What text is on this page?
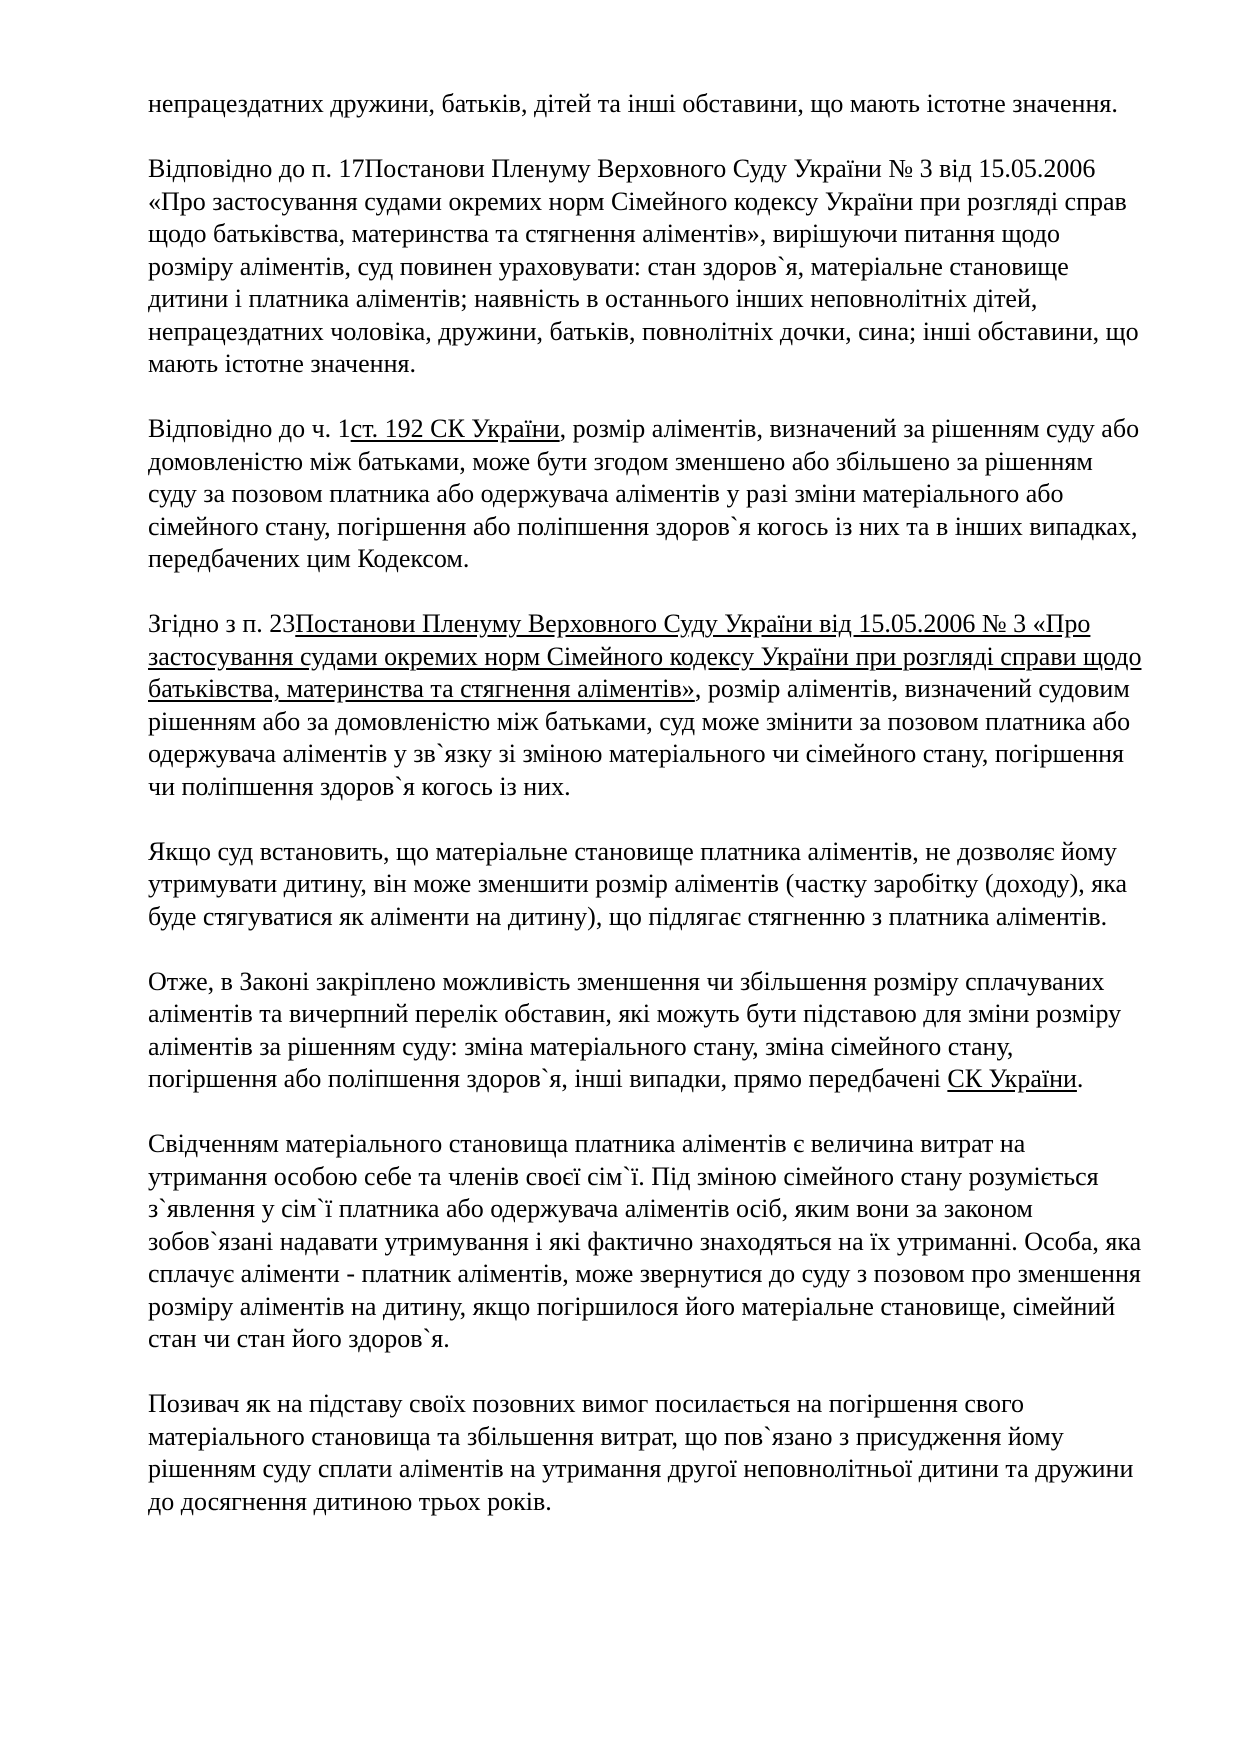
непрацездатних дружини, батьків, дітей та інші обставини, що мають істотне значення.

Відповідно до п. 17Постанови Пленуму Верховного Суду України № 3 від 15.05.2006 «Про застосування судами окремих норм Сімейного кодексу України при розгляді справ щодо батьківства, материнства та стягнення аліментів», вирішуючи питання щодо розміру аліментів, суд повинен ураховувати: стан здоров`я, матеріальне становище дитини і платника аліментів; наявність в останнього інших неповнолітніх дітей, непрацездатних чоловіка, дружини, батьків, повнолітніх дочки, сина; інші обставини, що мають істотне значення.

Відповідно до ч. 1ст. 192 СК України, розмір аліментів, визначений за рішенням суду або домовленістю між батьками, може бути згодом зменшено або збільшено за рішенням суду за позовом платника або одержувача аліментів у разі зміни матеріального або сімейного стану, погіршення або поліпшення здоров`я когось із них та в інших випадках, передбачених цим Кодексом.

Згідно з п. 23Постанови Пленуму Верховного Суду України від 15.05.2006 № 3 «Про застосування судами окремих норм Сімейного кодексу України при розгляді справи щодо батьківства, материнства та стягнення аліментів», розмір аліментів, визначений судовим рішенням або за домовленістю між батьками, суд може змінити за позовом платника або одержувача аліментів у зв`язку зі зміною матеріального чи сімейного стану, погіршення чи поліпшення здоров`я когось із них.

Якщо суд встановить, що матеріальне становище платника аліментів, не дозволяє йому утримувати дитину, він може зменшити розмір аліментів (частку заробітку (доходу), яка буде стягуватися як аліменти на дитину), що підлягає стягненню з платника аліментів.

Отже, в Законі закріплено можливість зменшення чи збільшення розміру сплачуваних аліментів та вичерпний перелік обставин, які можуть бути підставою для зміни розміру аліментів за рішенням суду: зміна матеріального стану, зміна сімейного стану, погіршення або поліпшення здоров`я, інші випадки, прямо передбачені СК України.

Свідченням матеріального становища платника аліментів є величина витрат на утримання особою себе та членів своєї сім`ї. Під зміною сімейного стану розуміється з`явлення у сім`ї платника або одержувача аліментів осіб, яким вони за законом зобов`язані надавати утримування і які фактично знаходяться на їх утриманні. Особа, яка сплачує аліменти - платник аліментів, може звернутися до суду з позовом про зменшення розміру аліментів на дитину, якщо погіршилося його матеріальне становище, сімейний стан чи стан його здоров`я.

Позивач як на підставу своїх позовних вимог посилається на погіршення свого матеріального становища та збільшення витрат, що пов`язано з присудження йому рішенням суду сплати аліментів на утримання другої неповнолітньої дитини та дружини до досягнення дитиною трьох років.
